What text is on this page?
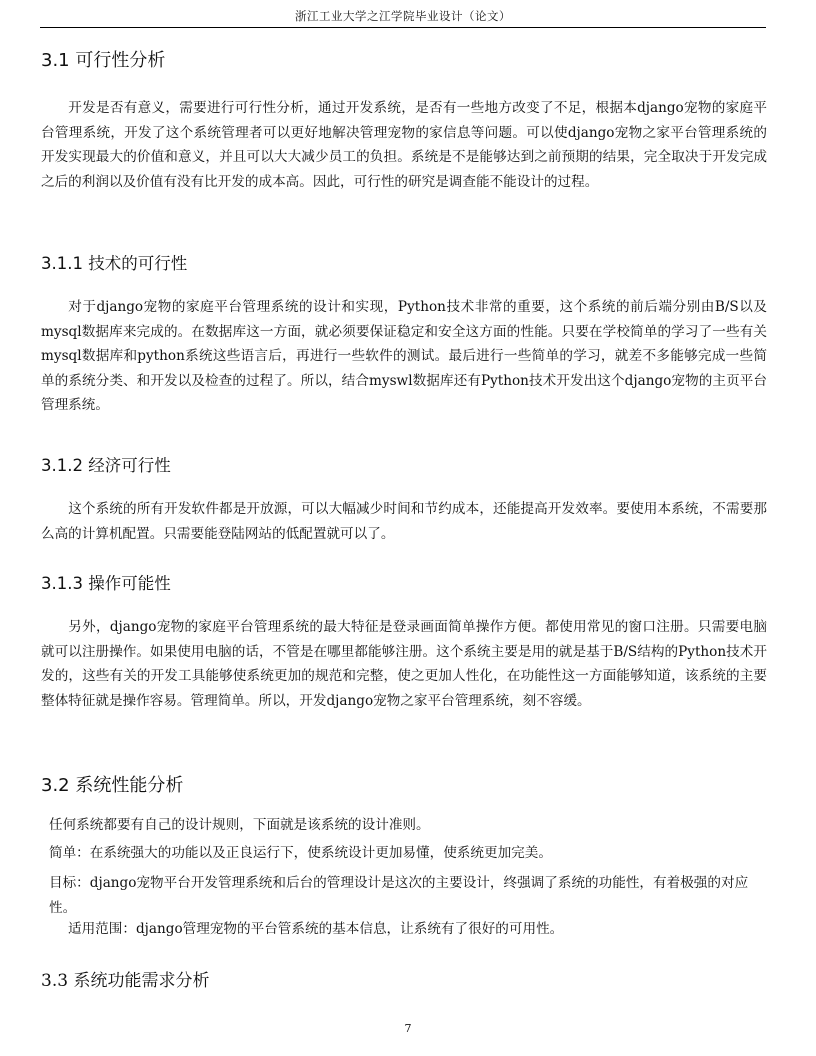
浙江工业大学之江学院毕业设计（论文）
3.1 可行性分析

开发是否有意义，需要进行可行性分析，通过开发系统，是否有一些地方改变了不足，根据本django宠物的家庭平台管理系统，开发了这个系统管理者可以更好地解决管理宠物的家信息等问题。可以使django宠物之家平台管理系统的开发实现最大的价值和意义，并且可以大大减少员工的负担。系统是不是能够达到之前预期的结果，完全取决于开发完成之后的利润以及价值有没有比开发的成本高。因此，可行性的研究是调查能不能设计的过程。

3.1.1 技术的可行性

对于django宠物的家庭平台管理系统的设计和实现，Python技术非常的重要，这个系统的前后端分别由B/S以及mysql数据库来完成的。在数据库这一方面，就必须要保证稳定和安全这方面的性能。只要在学校简单的学习了一些有关mysql数据库和python系统这些语言后，再进行一些软件的测试。最后进行一些简单的学习，就差不多能够完成一些简单的系统分类、和开发以及检查的过程了。所以，结合myswl数据库还有Python技术开发出这个django宠物的主页平台管理系统。

3.1.2 经济可行性

这个系统的所有开发软件都是开放源，可以大幅减少时间和节约成本，还能提高开发效率。要使用本系统，不需要那么高的计算机配置。只需要能登陆网站的低配置就可以了。

3.1.3 操作可能性

另外，django宠物的家庭平台管理系统的最大特征是登录画面简单操作方便。都使用常见的窗口注册。只需要电脑就可以注册操作。如果使用电脑的话，不管是在哪里都能够注册。这个系统主要是用的就是基于B/S结构的Python技术开发的，这些有关的开发工具能够使系统更加的规范和完整，使之更加人性化，在功能性这一方面能够知道，该系统的主要整体特征就是操作容易。管理简单。所以，开发django宠物之家平台管理系统，刻不容缓。

3.2 系统性能分析

任何系统都要有自己的设计规则，下面就是该系统的设计准则。

简单：在系统强大的功能以及正良运行下，使系统设计更加易懂，使系统更加完美。

目标：django宠物平台开发管理系统和后台的管理设计是这次的主要设计，终强调了系统的功能性，有着极强的对应性。

适用范围：django管理宠物的平台管系统的基本信息，让系统有了很好的可用性。

3.3 系统功能需求分析
7
